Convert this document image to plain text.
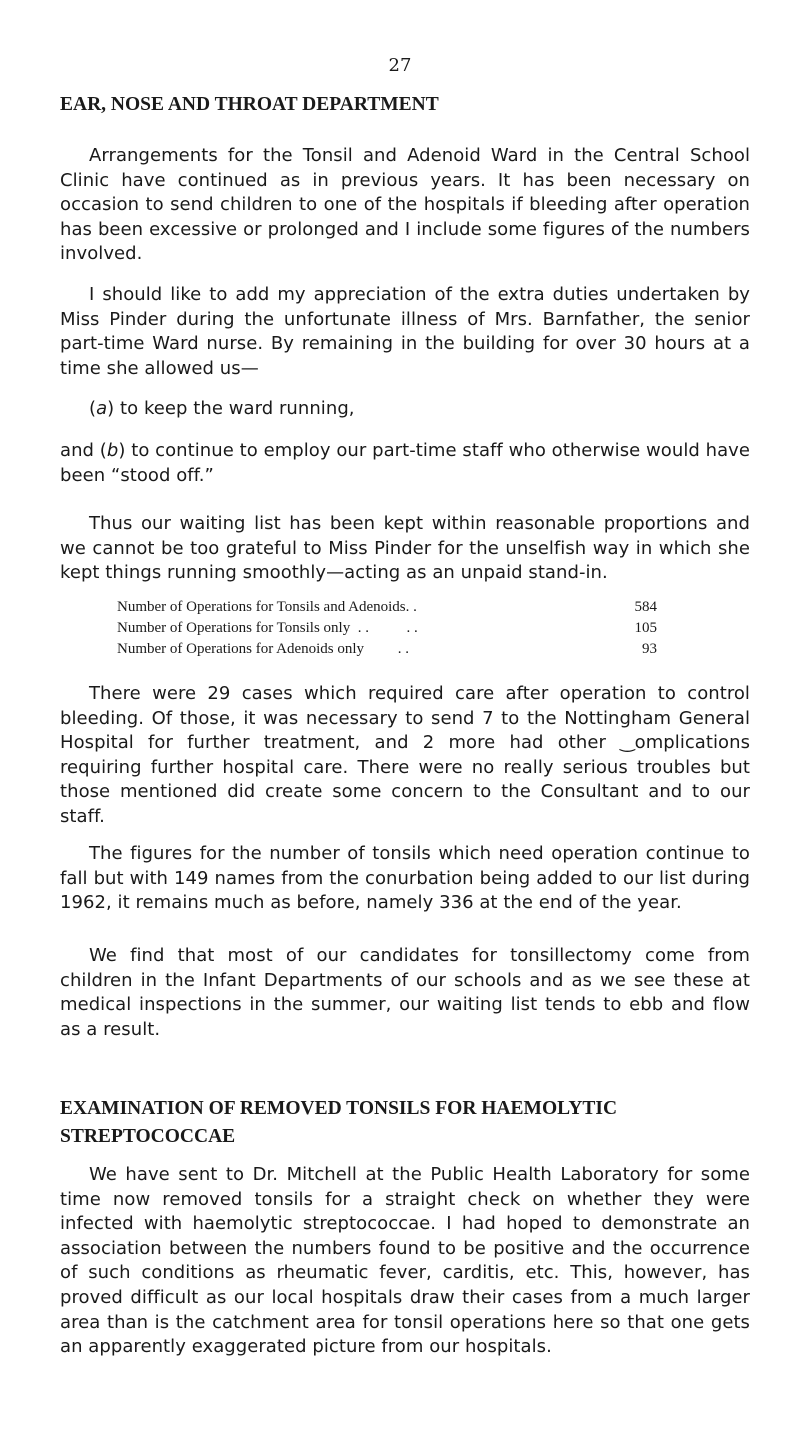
27
EAR, NOSE AND THROAT DEPARTMENT
Arrangements for the Tonsil and Adenoid Ward in the Central School Clinic have continued as in previous years. It has been necessary on occasion to send children to one of the hospitals if bleeding after operation has been excessive or prolonged and I include some figures of the numbers involved.
I should like to add my appreciation of the extra duties undertaken by Miss Pinder during the unfortunate illness of Mrs. Barnfather, the senior part-time Ward nurse. By remaining in the building for over 30 hours at a time she allowed us—
(a) to keep the ward running,
and (b) to continue to employ our part-time staff who otherwise would have been “stood off.”
Thus our waiting list has been kept within reasonable proportions and we cannot be too grateful to Miss Pinder for the unselfish way in which she kept things running smoothly—acting as an unpaid stand-in.
Number of Operations for Tonsils and Adenoids. .	584
Number of Operations for Tonsils only  . .          . .	105
Number of Operations for Adenoids only         . .	93
There were 29 cases which required care after operation to control bleeding. Of those, it was necessary to send 7 to the Nottingham General Hospital for further treatment, and 2 more had other ‿omplications requiring further hospital care. There were no really serious troubles but those mentioned did create some concern to the Consultant and to our staff.
The figures for the number of tonsils which need operation continue to fall but with 149 names from the conurbation being added to our list during 1962, it remains much as before, namely 336 at the end of the year.
We find that most of our candidates for tonsillectomy come from children in the Infant Departments of our schools and as we see these at medical inspections in the summer, our waiting list tends to ebb and flow as a result.
EXAMINATION OF REMOVED TONSILS FOR HAEMOLYTIC STREPTOCOCCAE
We have sent to Dr. Mitchell at the Public Health Laboratory for some time now removed tonsils for a straight check on whether they were infected with haemolytic streptococcae. I had hoped to demonstrate an association between the numbers found to be positive and the occurrence of such conditions as rheumatic fever, carditis, etc. This, however, has proved difficult as our local hospitals draw their cases from a much larger area than is the catchment area for tonsil operations here so that one gets an apparently exaggerated picture from our hospitals.
